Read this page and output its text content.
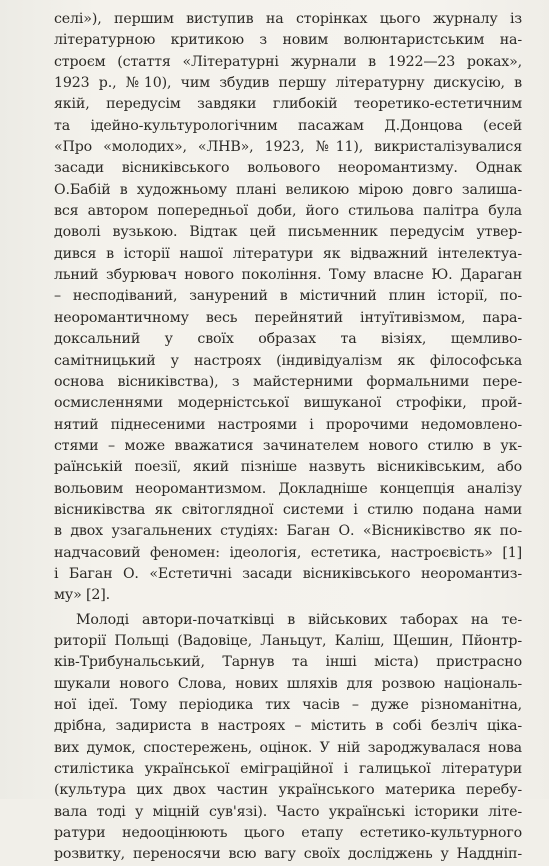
селі»), першим виступив на сторінках цього журналу із
літературною критикою з новим волюнтаристським на-
строєм (стаття «Літературні журнали в 1922—23 роках»,
1923 р., №10), чим збудив першу літературну дискусію, в
якій, передусім завдяки глибокій теоретико-естетичним
та ідейно-культурологічним пасажам Д.Донцова (есей
«Про «молодих», «ЛНВ», 1923, №11), викристалізувалися
засади вісниківського вольового неоромантизму. Однак
О.Бабій в художньому плані великою мірою довго залиша-
вся автором попередньої доби, його стильова палітра була
доволі вузькою. Відтак цей письменник передусім утвер-
дився в історії нашої літератури як відважний інтелектуа-
льний збурювач нового покоління. Тому власне Ю. Дараган
– несподіваний, занурений в містичний плин історії, по-
неоромантичному весь перейнятий інтуїтивізмом, пара-
доксальний у своїх образах та візіях, щемливо-
самітницький у настроях (індивідуалізм як філософська
основа вісниківства), з майстерними формальними пере-
осмисленнями модерністської вишуканої строфіки, прой-
нятий піднесеними настроями і пророчими недомовлено-
стями – може вважатися зачинателем нового стилю в ук-
раїнській поезії, який пізніше назвуть вісниківським, або
вольовим неоромантизмом. Докладніше концепція аналізу
вісниківства як світоглядної системи і стилю подана нами
в двох узагальнених студіях: Баган О. «Вісниківство як по-
надчасовий феномен: ідеологія, естетика, настроєвість» [1]
і Баган О. «Естетичні засади вісниківського неоромантиз-
му» [2].
Молоді автори-початківці в військових таборах на те-
риторії Польщі (Вадовіце, Ланьцут, Каліш, Щешин, Пйонтр-
ків-Трибунальський, Тарнув та інші міста) пристрасно
шукали нового Слова, нових шляхів для розвою національ-
ної ідеї. Тому періодика тих часів – дуже різноманітна,
дрібна, задириста в настроях – містить в собі безліч ціка-
вих думок, спостережень, оцінок. У ній зароджувалася нова
стилістика української еміграційної і галицької літератури
(культура цих двох частин українського материка перебу-
вала тоді у міцній сув'язі). Часто українські історики літе-
ратури недооцінюють цього етапу естетико-культурного
розвитку, переносячи всю вагу своїх досліджень у Наддніп-
